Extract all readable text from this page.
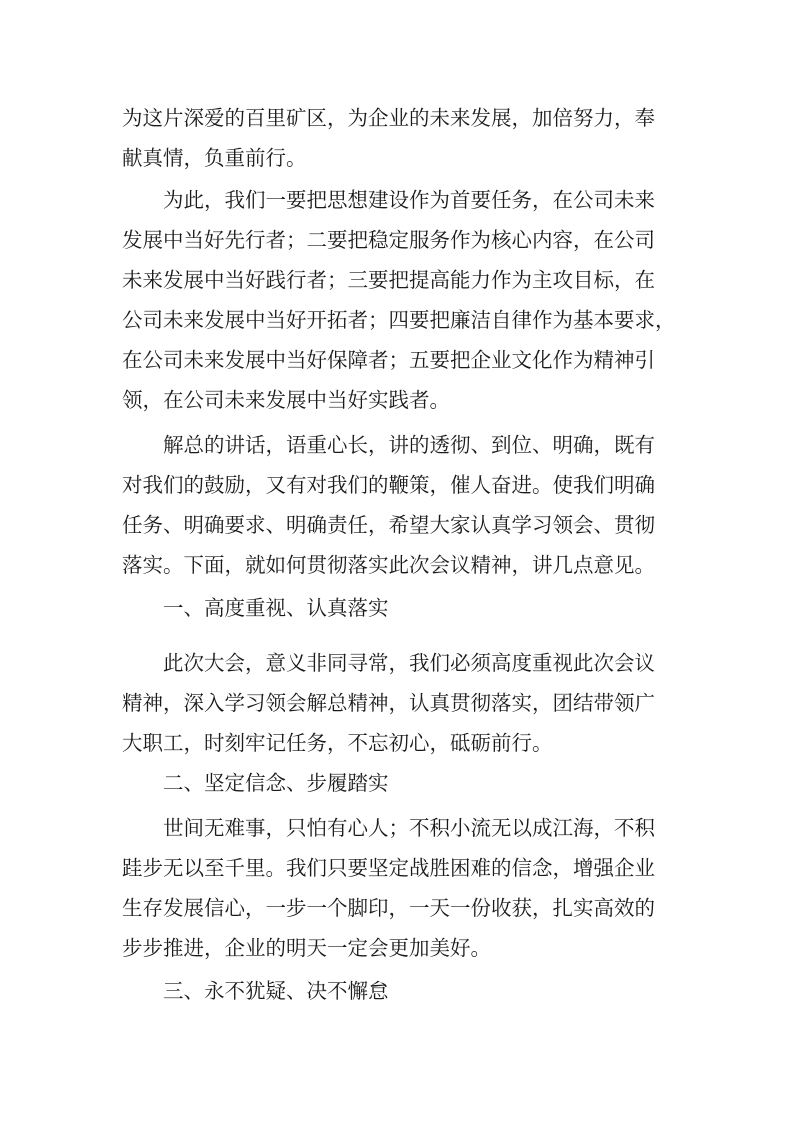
为这片深爱的百里矿区，为企业的未来发展，加倍努力，奉
献真情，负重前行。

为此，我们一要把思想建设作为首要任务，在公司未来
发展中当好先行者；二要把稳定服务作为核心内容，在公司
未来发展中当好践行者；三要把提高能力作为主攻目标，在
公司未来发展中当好开拓者；四要把廉洁自律作为基本要求，
在公司未来发展中当好保障者；五要把企业文化作为精神引
领，在公司未来发展中当好实践者。

解总的讲话，语重心长，讲的透彻、到位、明确，既有
对我们的鼓励，又有对我们的鞭策，催人奋进。使我们明确
任务、明确要求、明确责任，希望大家认真学习领会、贯彻
落实。下面，就如何贯彻落实此次会议精神，讲几点意见。

一、高度重视、认真落实

此次大会，意义非同寻常，我们必须高度重视此次会议
精神，深入学习领会解总精神，认真贯彻落实，团结带领广
大职工，时刻牢记任务，不忘初心，砥砺前行。

二、坚定信念、步履踏实

世间无难事，只怕有心人；不积小流无以成江海，不积
跬步无以至千里。我们只要坚定战胜困难的信念，增强企业
生存发展信心，一步一个脚印，一天一份收获，扎实高效的
步步推进，企业的明天一定会更加美好。

三、永不犹疑、决不懈怠
